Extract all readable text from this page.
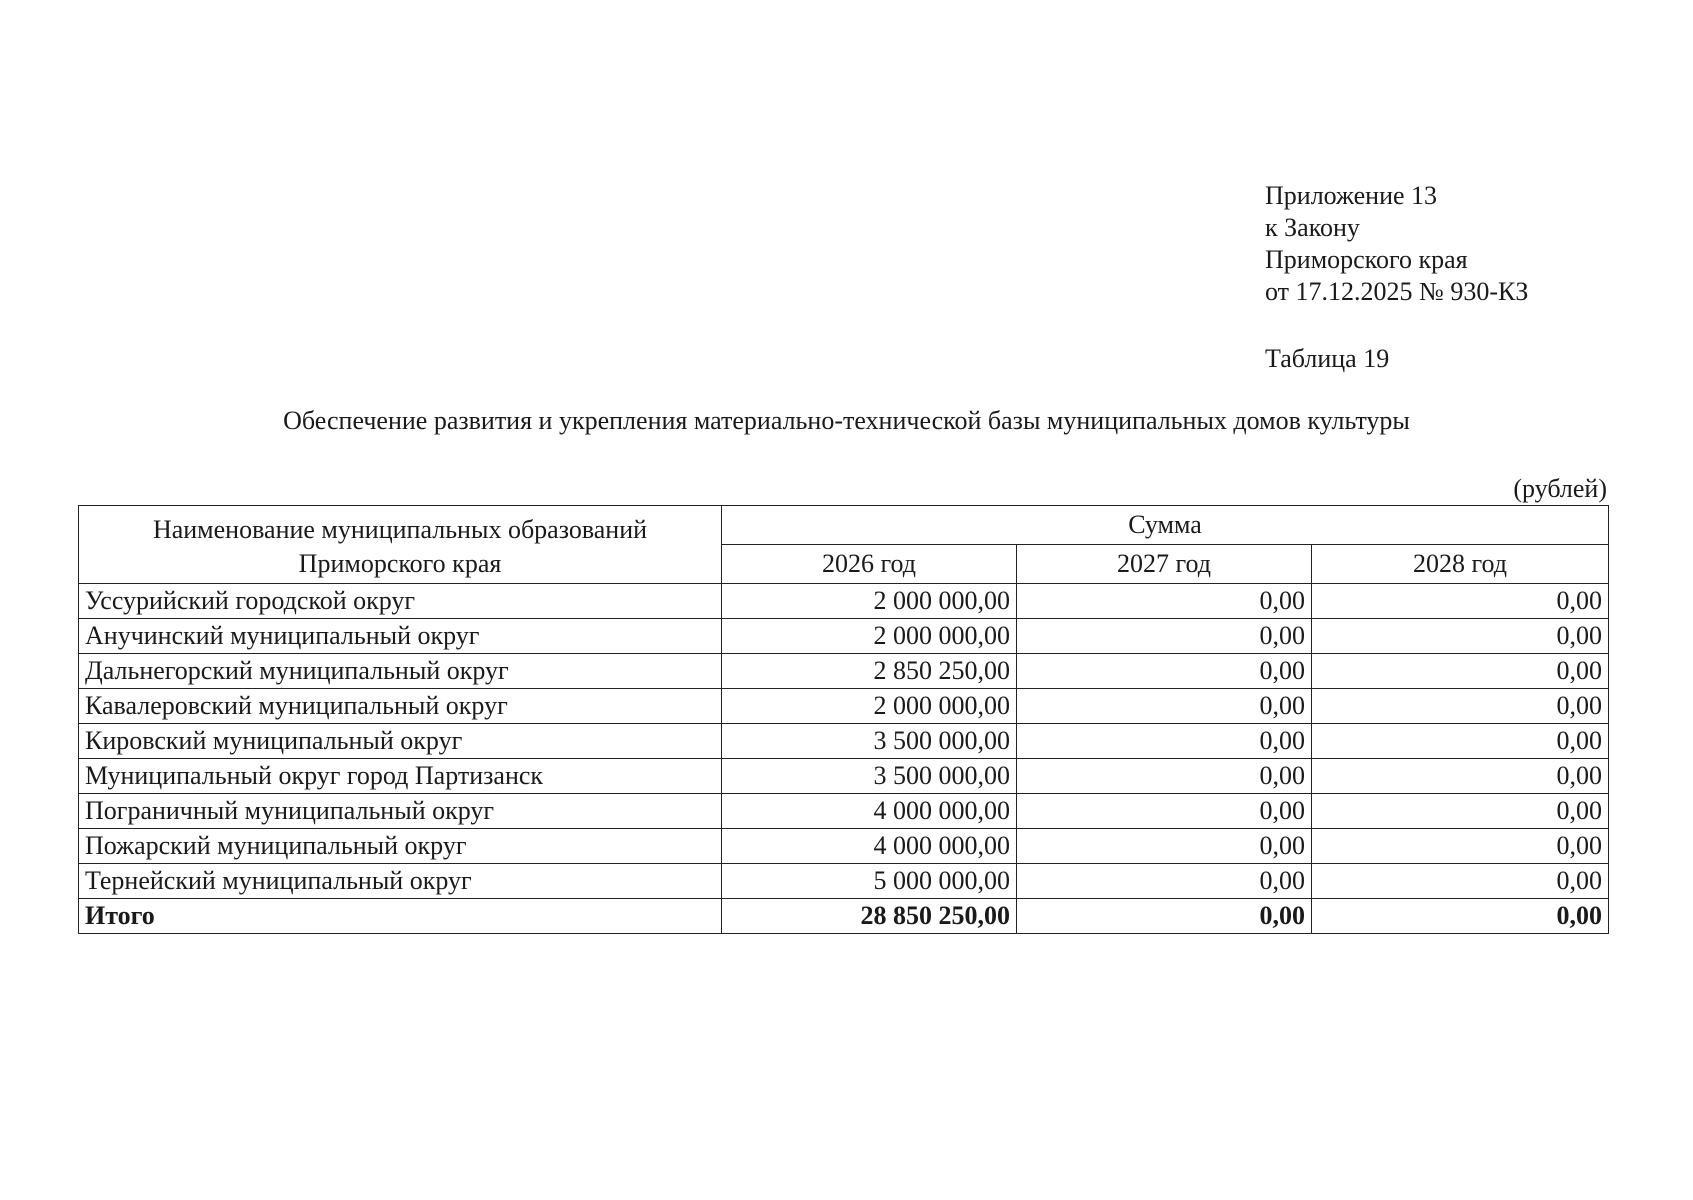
Приложение 13
к Закону
Приморского края
от 17.12.2025 № 930-КЗ
Таблица 19
Обеспечение развития и укрепления материально-технической базы муниципальных домов культуры
(рублей)
Наименование муниципальных образований Приморского края	Сумма		
	2026 год	2027 год	2028 год
Уссурийский городской округ	2 000 000,00	0,00	0,00
Анучинский муниципальный округ	2 000 000,00	0,00	0,00
Дальнегорский муниципальный округ	2 850 250,00	0,00	0,00
Кавалеровский муниципальный округ	2 000 000,00	0,00	0,00
Кировский муниципальный округ	3 500 000,00	0,00	0,00
Муниципальный округ город Партизанск	3 500 000,00	0,00	0,00
Пограничный муниципальный округ	4 000 000,00	0,00	0,00
Пожарский муниципальный округ	4 000 000,00	0,00	0,00
Тернейский муниципальный округ	5 000 000,00	0,00	0,00
Итого	28 850 250,00	0,00	0,00
